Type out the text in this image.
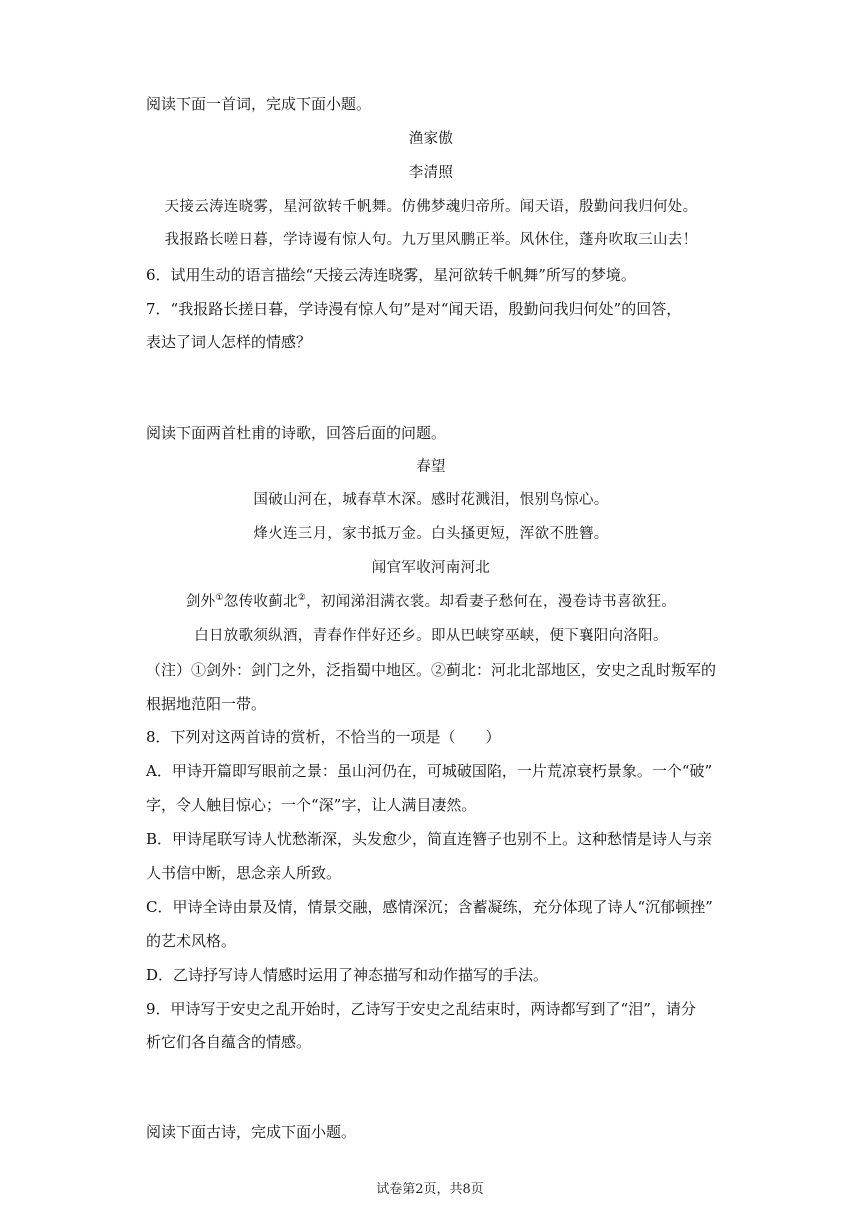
阅读下面一首词，完成下面小题。
渔家傲
李清照
天接云涛连晓雾，星河欲转千帆舞。仿佛梦魂归帝所。闻天语，殷勤问我归何处。
我报路长嗟日暮，学诗谩有惊人句。九万里风鹏正举。风休住，蓬舟吹取三山去！
6．试用生动的语言描绘“天接云涛连晓雾，星河欲转千帆舞”所写的梦境。
7．“我报路长搓日暮，学诗漫有惊人句”是对“闻天语，殷勤问我归何处”的回答，
表达了词人怎样的情感？
阅读下面两首杜甫的诗歌，回答后面的问题。
春望
国破山河在，城春草木深。感时花溅泪，恨别鸟惊心。
烽火连三月，家书抵万金。白头搔更短，浑欲不胜簪。
闻官军收河南河北
剑外①忽传收蓟北②，初闻涕泪满衣裳。却看妻子愁何在，漫卷诗书喜欲狂。
白日放歌须纵酒，青春作伴好还乡。即从巴峡穿巫峡，便下襄阳向洛阳。
（注）①剑外：剑门之外，泛指蜀中地区。②蓟北：河北北部地区，安史之乱时叛军的
根据地范阳一带。
8．下列对这两首诗的赏析，不恰当的一项是（　　）
A．甲诗开篇即写眼前之景：虽山河仍在，可城破国陷，一片荒凉衰朽景象。一个“破”
字，令人触目惊心；一个“深”字，让人满目凄然。
B．甲诗尾联写诗人忧愁渐深，头发愈少，简直连簪子也别不上。这种愁情是诗人与亲
人书信中断，思念亲人所致。
C．甲诗全诗由景及情，情景交融，感情深沉；含蓄凝练，充分体现了诗人“沉郁顿挫”
的艺术风格。
D．乙诗抒写诗人情感时运用了神态描写和动作描写的手法。
9．甲诗写于安史之乱开始时，乙诗写于安史之乱结束时，两诗都写到了“泪”，请分
析它们各自蕴含的情感。
阅读下面古诗，完成下面小题。
试卷第2页，共8页
